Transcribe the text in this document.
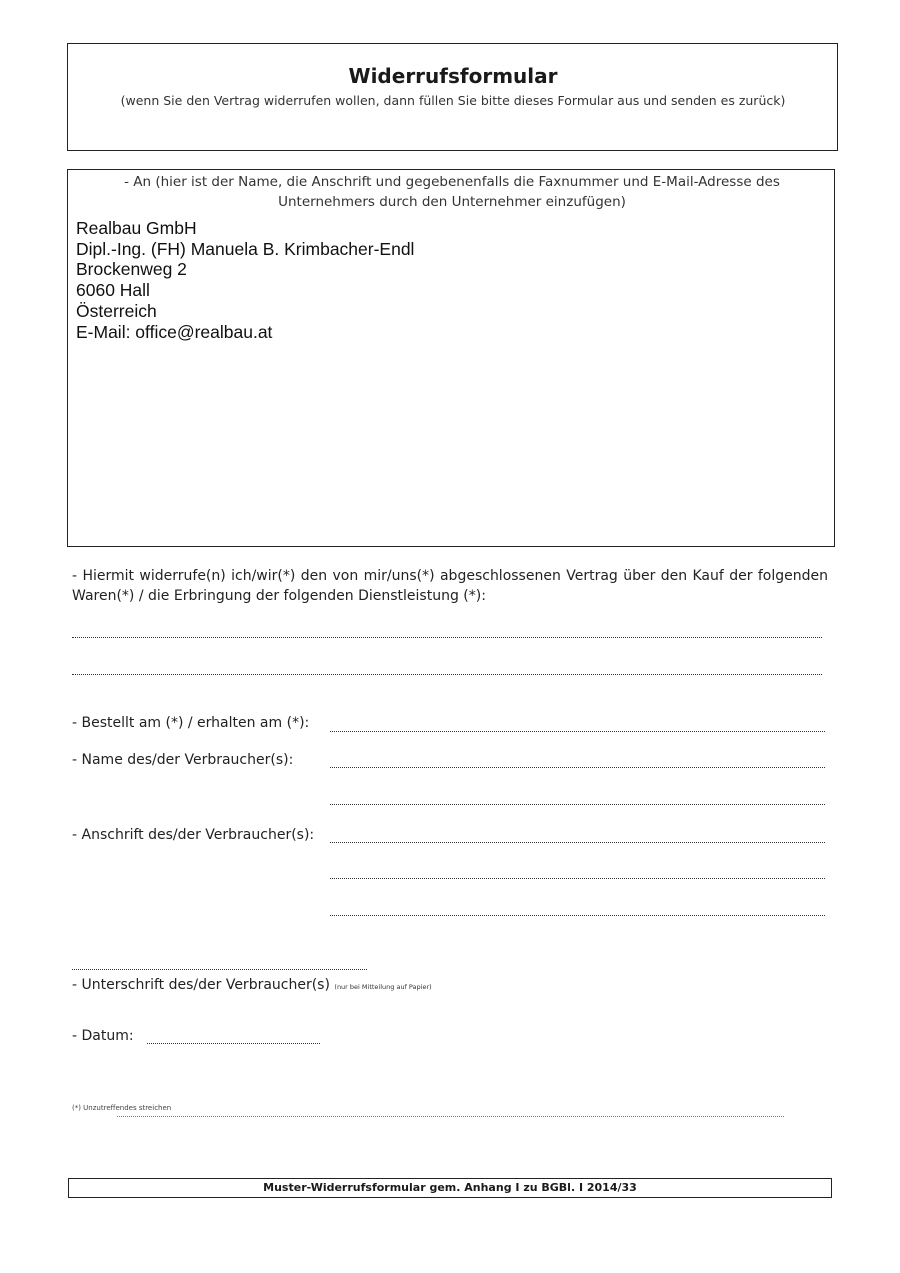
Widerrufsformular
(wenn Sie den Vertrag widerrufen wollen, dann füllen Sie bitte dieses Formular aus und senden es zurück)
- An (hier ist der Name, die Anschrift und gegebenenfalls die Faxnummer und E-Mail-Adresse des Unternehmers durch den Unternehmer einzufügen)
Realbau GmbH
Dipl.-Ing. (FH) Manuela B. Krimbacher-Endl
Brockenweg 2
6060 Hall
Österreich
E-Mail: office@realbau.at
- Hiermit widerrufe(n) ich/wir(*) den von mir/uns(*) abgeschlossenen Vertrag über den Kauf der folgenden Waren(*) / die Erbringung der folgenden Dienstleistung (*):
- Bestellt am (*) / erhalten am (*):
- Name des/der Verbraucher(s):
- Anschrift des/der Verbraucher(s):
- Unterschrift des/der Verbraucher(s) (nur bei Mitteilung auf Papier)
- Datum:
(*) Unzutreffendes streichen
Muster-Widerrufsformular gem. Anhang I zu BGBl. I 2014/33
